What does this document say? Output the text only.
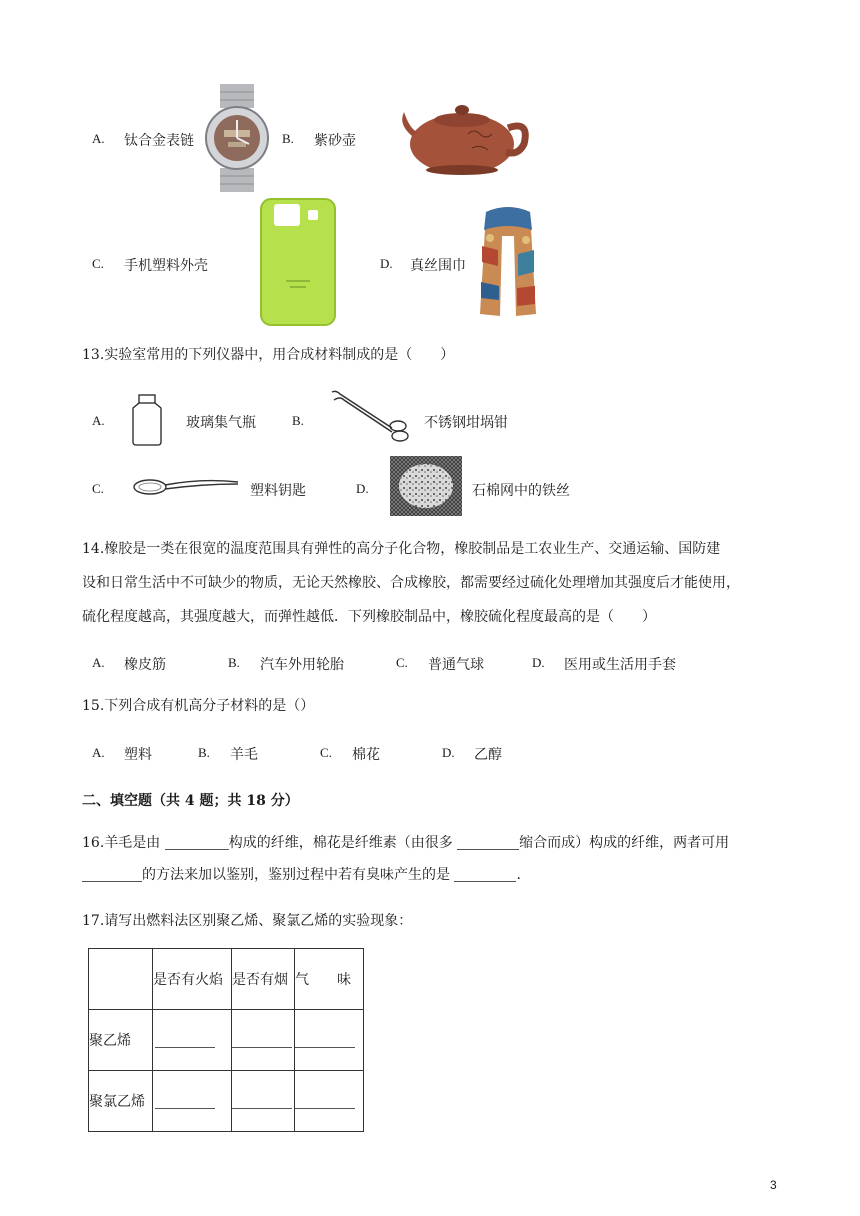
A. 钛合金表链	B. 紫砂壶
C. 手机塑料外壳	D. 真丝围巾
13.实验室常用的下列仪器中，用合成材料制成的是（　　）
A.	玻璃集气瓶	B.	不锈钢坩埚钳
C.	塑料钥匙	D.	石棉网中的铁丝
14.橡胶是一类在很宽的温度范围具有弹性的高分子化合物，橡胶制品是工农业生产、交通运输、国防建
设和日常生活中不可缺少的物质，无论天然橡胶、合成橡胶，都需要经过硫化处理增加其强度后才能使用，
硫化程度越高，其强度越大，而弹性越低．下列橡胶制品中，橡胶硫化程度最高的是（　　）
A. 橡皮筋	B. 汽车外用轮胎	C. 普通气球	D. 医用或生活用手套
15.下列合成有机高分子材料的是（）
A. 塑料	B. 羊毛	C. 棉花	D. 乙醇
二、填空题（共 4 题；共 18 分）
16.羊毛是由	构成的纤维，棉花是纤维素（由很多	缩合而成）构成的纤维，两者可用
的方法来加以鉴别，鉴别过程中若有臭味产生的是	.
17.请写出燃料法区别聚乙烯、聚氯乙烯的实验现象：
	是否有火焰	是否有烟	气　　味
聚乙烯			
聚氯乙烯			
3
